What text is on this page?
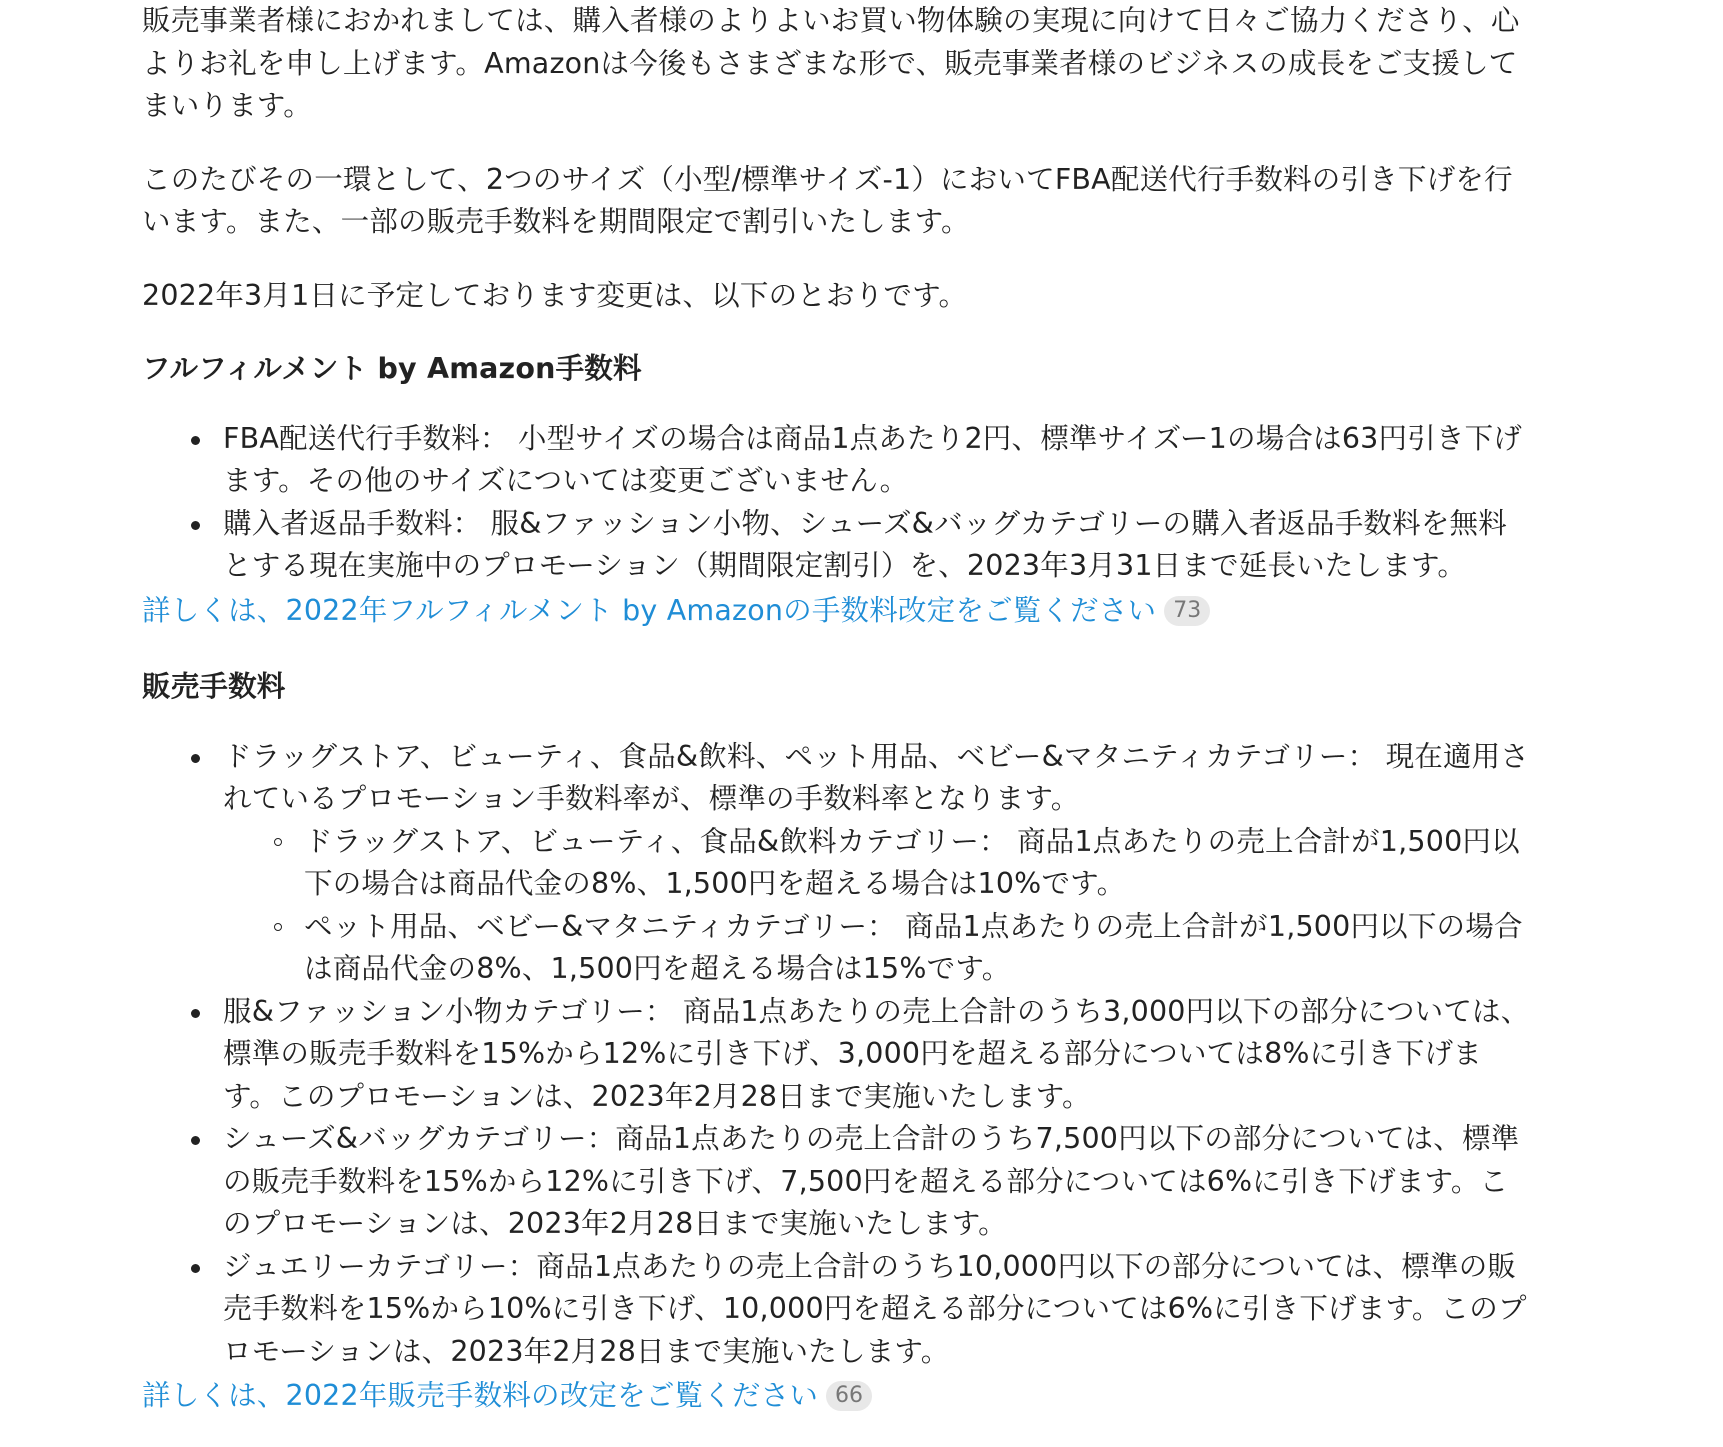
販売事業者様におかれましては、購入者様のよりよいお買い物体験の実現に向けて日々ご協力くださり、心よりお礼を申し上げます。Amazonは今後もさまざまな形で、販売事業者様のビジネスの成長をご支援してまいります。

このたびその一環として、2つのサイズ（小型/標準サイズ-1）においてFBA配送代行手数料の引き下げを行います。また、一部の販売手数料を期間限定で割引いたします。

2022年3月1日に予定しております変更は、以下のとおりです。

フルフィルメント by Amazon手数料
FBA配送代行手数料： 小型サイズの場合は商品1点あたり2円、標準サイズー1の場合は63円引き下げます。その他のサイズについては変更ございません。
購入者返品手数料： 服&ファッション小物、シューズ&バッグカテゴリーの購入者返品手数料を無料とする現在実施中のプロモーション（期間限定割引）を、2023年3月31日まで延長いたします。

詳しくは、2022年フルフィルメント by Amazonの手数料改定をご覧ください 73

販売手数料
ドラッグストア、ビューティ、食品&飲料、ペット用品、ベビー&マタニティカテゴリー： 現在適用されているプロモーション手数料率が、標準の手数料率となります。
ドラッグストア、ビューティ、食品&飲料カテゴリー： 商品1点あたりの売上合計が1,500円以下の場合は商品代金の8%、1,500円を超える場合は10%です。
ペット用品、ベビー&マタニティカテゴリー： 商品1点あたりの売上合計が1,500円以下の場合は商品代金の8%、1,500円を超える場合は15%です。
服&ファッション小物カテゴリー： 商品1点あたりの売上合計のうち3,000円以下の部分については、標準の販売手数料を15%から12%に引き下げ、3,000円を超える部分については8%に引き下げます。このプロモーションは、2023年2月28日まで実施いたします。
シューズ&バッグカテゴリー：商品1点あたりの売上合計のうち7,500円以下の部分については、標準の販売手数料を15%から12%に引き下げ、7,500円を超える部分については6%に引き下げます。このプロモーションは、2023年2月28日まで実施いたします。
ジュエリーカテゴリー：商品1点あたりの売上合計のうち10,000円以下の部分については、標準の販売手数料を15%から10%に引き下げ、10,000円を超える部分については6%に引き下げます。このプロモーションは、2023年2月28日まで実施いたします。

詳しくは、2022年販売手数料の改定をご覧ください 66
